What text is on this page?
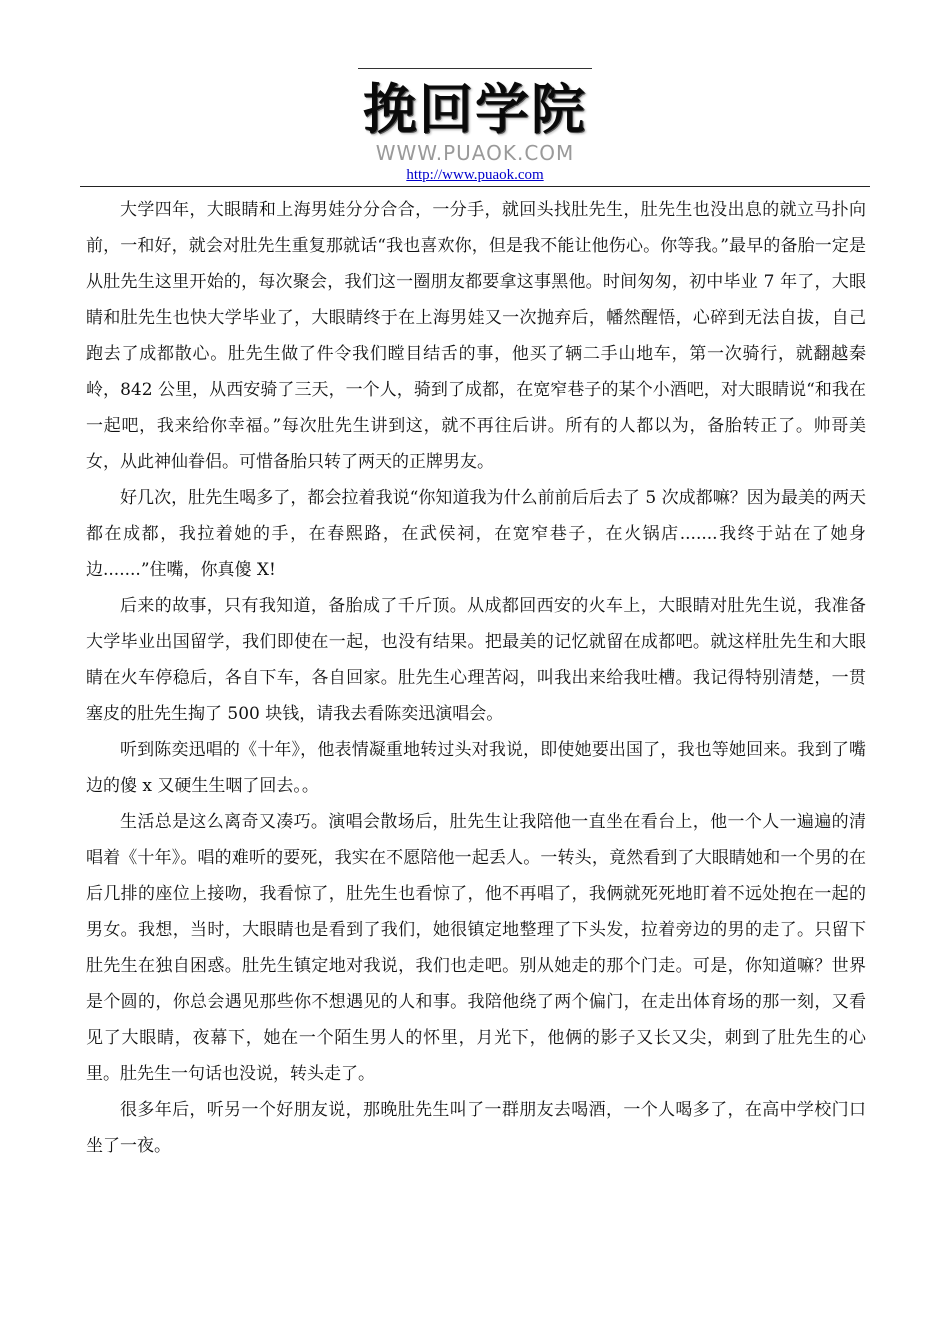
挽回学院
WWW.PUAOK.COM
http://www.puaok.com

大学四年，大眼睛和上海男娃分分合合，一分手，就回头找肚先生，肚先生也没出息的就立马扑向前，一和好，就会对肚先生重复那就话“我也喜欢你，但是我不能让他伤心。你等我。”最早的备胎一定是从肚先生这里开始的，每次聚会，我们这一圈朋友都要拿这事黑他。时间匆匆，初中毕业 7 年了，大眼睛和肚先生也快大学毕业了，大眼睛终于在上海男娃又一次抛弃后，幡然醒悟，心碎到无法自拔，自己跑去了成都散心。肚先生做了件令我们瞠目结舌的事，他买了辆二手山地车，第一次骑行，就翻越秦岭，842 公里，从西安骑了三天，一个人，骑到了成都，在宽窄巷子的某个小酒吧，对大眼睛说“和我在一起吧，我来给你幸福。”每次肚先生讲到这，就不再往后讲。所有的人都以为，备胎转正了。帅哥美女，从此神仙眷侣。可惜备胎只转了两天的正牌男友。

好几次，肚先生喝多了，都会拉着我说“你知道我为什么前前后后去了 5 次成都嘛？因为最美的两天都在成都，我拉着她的手，在春熙路，在武侯祠，在宽窄巷子，在火锅店.......我终于站在了她身边.......”住嘴，你真傻 X!

后来的故事，只有我知道，备胎成了千斤顶。从成都回西安的火车上，大眼睛对肚先生说，我准备大学毕业出国留学，我们即使在一起，也没有结果。把最美的记忆就留在成都吧。就这样肚先生和大眼睛在火车停稳后，各自下车，各自回家。肚先生心理苦闷，叫我出来给我吐槽。我记得特别清楚，一贯塞皮的肚先生掏了 500 块钱，请我去看陈奕迅演唱会。

听到陈奕迅唱的《十年》，他表情凝重地转过头对我说，即使她要出国了，我也等她回来。我到了嘴边的傻 x 又硬生生咽了回去。。

生活总是这么离奇又凑巧。演唱会散场后，肚先生让我陪他一直坐在看台上，他一个人一遍遍的清唱着《十年》。唱的难听的要死，我实在不愿陪他一起丢人。一转头，竟然看到了大眼睛她和一个男的在后几排的座位上接吻，我看惊了，肚先生也看惊了，他不再唱了，我俩就死死地盯着不远处抱在一起的男女。我想，当时，大眼睛也是看到了我们，她很镇定地整理了下头发，拉着旁边的男的走了。只留下肚先生在独自困惑。肚先生镇定地对我说，我们也走吧。别从她走的那个门走。可是，你知道嘛？世界是个圆的，你总会遇见那些你不想遇见的人和事。我陪他绕了两个偏门，在走出体育场的那一刻，又看见了大眼睛，夜幕下，她在一个陌生男人的怀里，月光下，他俩的影子又长又尖，刺到了肚先生的心里。肚先生一句话也没说，转头走了。

很多年后，听另一个好朋友说，那晚肚先生叫了一群朋友去喝酒，一个人喝多了，在高中学校门口坐了一夜。
